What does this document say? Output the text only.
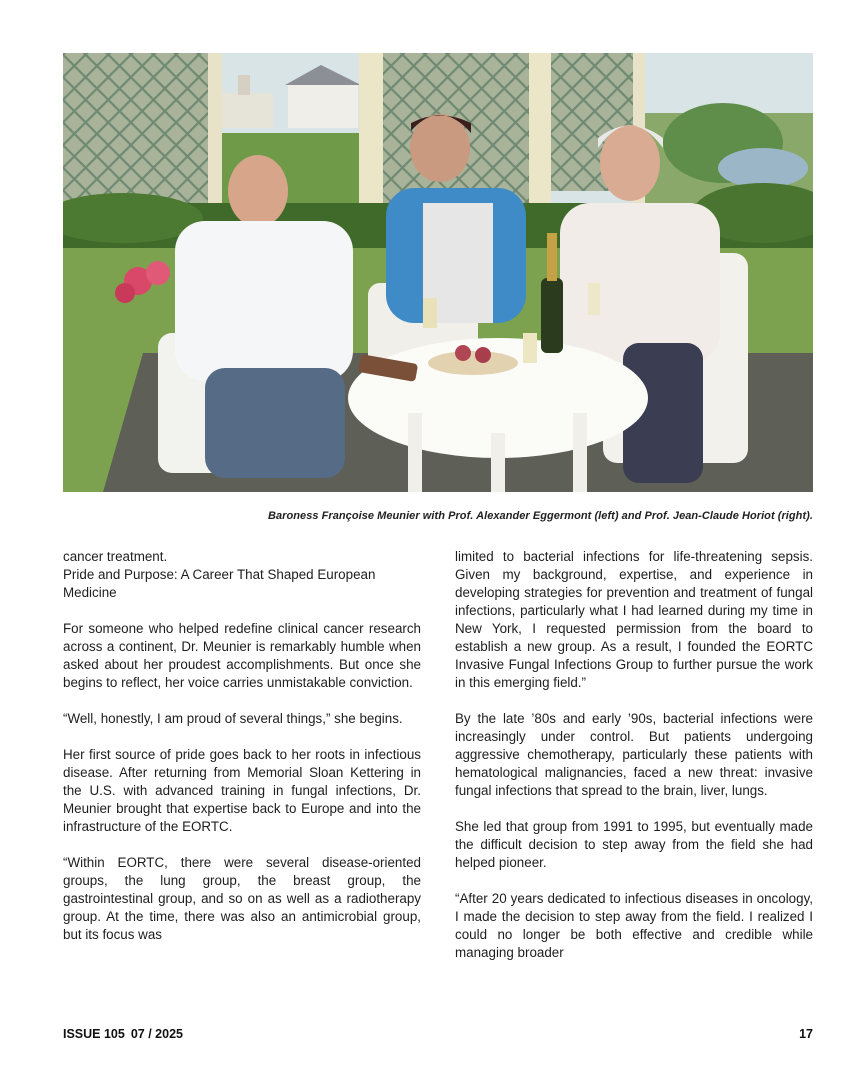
Baroness Françoise Meunier with Prof. Alexander Eggermont (left) and Prof. Jean-Claude Horiot (right).

cancer treatment.

Pride and Purpose: A Career That Shaped European Medicine

For someone who helped redefine clinical cancer research across a continent, Dr. Meunier is remarkably humble when asked about her proudest accomplishments. But once she begins to reflect, her voice carries unmistakable conviction.

“Well, honestly, I am proud of several things,” she begins.

Her first source of pride goes back to her roots in infectious disease. After returning from Memorial Sloan Kettering in the U.S. with advanced training in fungal infections, Dr. Meunier brought that expertise back to Europe and into the infrastructure of the EORTC.

“Within EORTC, there were several disease-oriented groups, the lung group, the breast group, the gastrointestinal group, and so on as well as a radiotherapy group. At the time, there was also an antimicrobial group, but its focus was

limited to bacterial infections for life-threatening sepsis. Given my background, expertise, and experience in developing strategies for prevention and treatment of fungal infections, particularly what I had learned during my time in New York, I requested permission from the board to establish a new group. As a result, I founded the EORTC Invasive Fungal Infections Group to further pursue the work in this emerging field.”

By the late ’80s and early ’90s, bacterial infections were increasingly under control. But patients undergoing aggressive chemotherapy, particularly these patients with hematological malignancies, faced a new threat: invasive fungal infections that spread to the brain, liver, lungs.

She led that group from 1991 to 1995, but eventually made the difficult decision to step away from the field she had helped pioneer.

“After 20 years dedicated to infectious diseases in oncology, I made the decision to step away from the field. I realized I could no longer be both effective and credible while managing broader

ISSUE 105 07 / 2025	17
